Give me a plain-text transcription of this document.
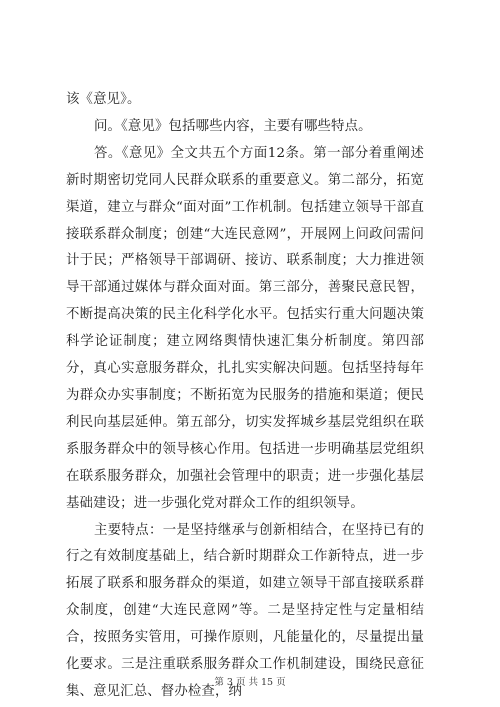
该《意见》。

问。《意见》包括哪些内容，主要有哪些特点。

答。《意见》全文共五个方面12条。第一部分着重阐述新时期密切党同人民群众联系的重要意义。第二部分，拓宽渠道，建立与群众“面对面”工作机制。包括建立领导干部直接联系群众制度；创建“大连民意网”，开展网上问政问需问计于民；严格领导干部调研、接访、联系制度；大力推进领导干部通过媒体与群众面对面。第三部分，善聚民意民智，不断提高决策的民主化科学化水平。包括实行重大问题决策科学论证制度；建立网络舆情快速汇集分析制度。第四部分，真心实意服务群众，扎扎实实解决问题。包括坚持每年为群众办实事制度；不断拓宽为民服务的措施和渠道；便民利民向基层延伸。第五部分，切实发挥城乡基层党组织在联系服务群众中的领导核心作用。包括进一步明确基层党组织在联系服务群众，加强社会管理中的职责；进一步强化基层基础建设；进一步强化党对群众工作的组织领导。

主要特点：一是坚持继承与创新相结合，在坚持已有的行之有效制度基础上，结合新时期群众工作新特点，进一步拓展了联系和服务群众的渠道，如建立领导干部直接联系群众制度，创建“大连民意网”等。二是坚持定性与定量相结合，按照务实管用，可操作原则，凡能量化的，尽量提出量化要求。三是注重联系服务群众工作机制建设，围绕民意征集、意见汇总、督办检查，纳

第 3 页 共 15 页
